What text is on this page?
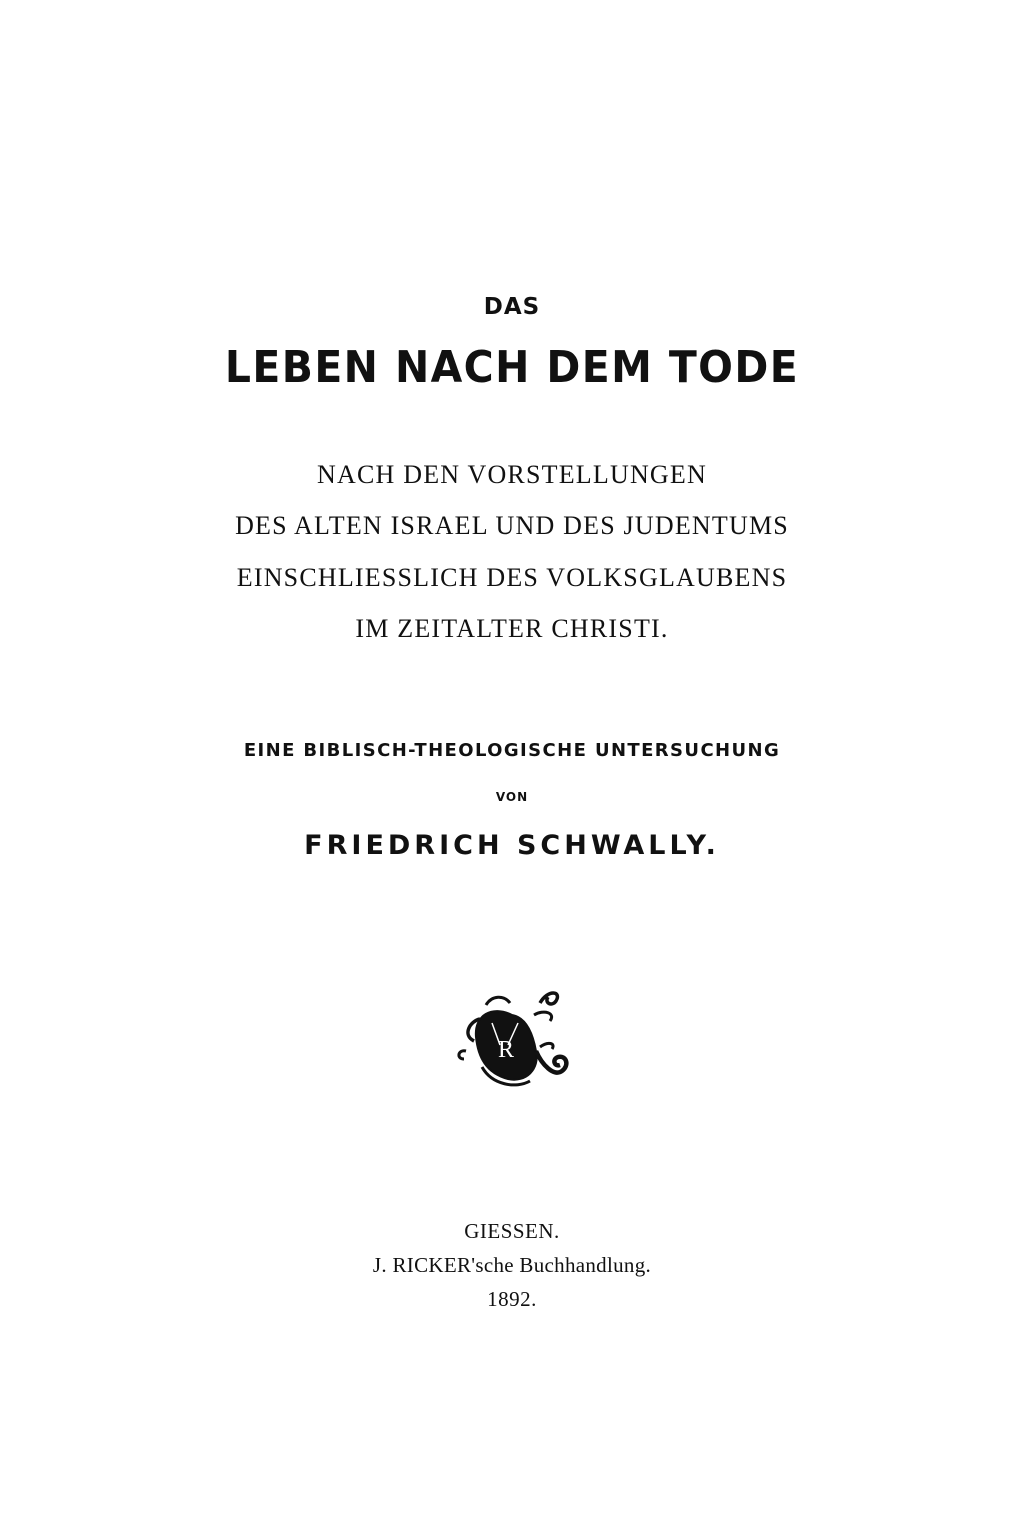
DAS
LEBEN NACH DEM TODE
NACH DEN VORSTELLUNGEN
DES ALTEN ISRAEL UND DES JUDENTUMS
EINSCHLIESSLICH DES VOLKSGLAUBENS
IM ZEITALTER CHRISTI.
EINE BIBLISCH-THEOLOGISCHE UNTERSUCHUNG
VON
FRIEDRICH SCHWALLY.
R
GIESSEN.
J. RICKER'sche Buchhandlung.
1892.
